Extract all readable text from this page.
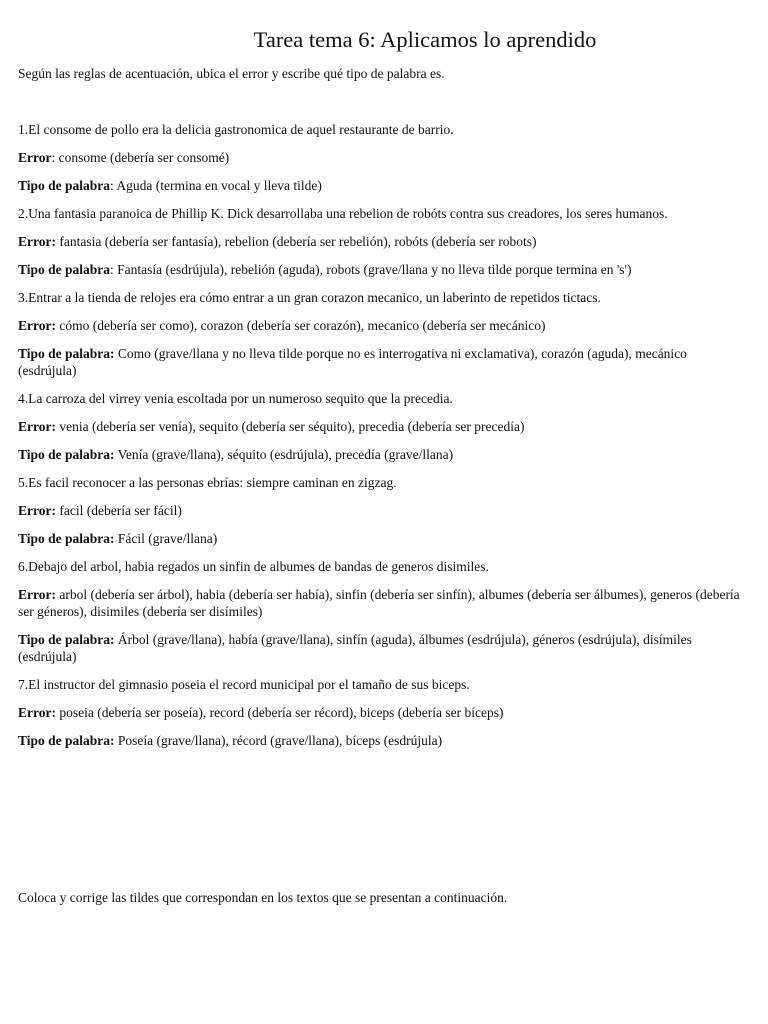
Tarea tema 6: Aplicamos lo aprendido
Según las reglas de acentuación, ubica el error y escribe qué tipo de palabra es.

1.El consome de pollo era la delicia gastronomica de aquel restaurante de barrio.

Error: consome (debería ser consomé)

Tipo de palabra: Aguda (termina en vocal y lleva tilde)

2.Una fantasia paranoica de Phillip K. Dick desarrollaba una rebelion de robóts contra sus creadores, los seres humanos.

Error: fantasia (debería ser fantasía), rebelion (debería ser rebelión), robóts (debería ser robots)

Tipo de palabra: Fantasía (esdrújula), rebelión (aguda), robots (grave/llana y no lleva tilde porque termina en 's')

3.Entrar a la tienda de relojes era cómo entrar a un gran corazon mecanico, un laberinto de repetidos tictacs.

Error: cómo (debería ser como), corazon (debería ser corazón), mecanico (debería ser mecánico)

Tipo de palabra: Como (grave/llana y no lleva tilde porque no es interrogativa ni exclamativa), corazón (aguda), mecánico (esdrújula)

4.La carroza del virrey venia escoltada por un numeroso sequito que la precedia.

Error: venia (debería ser venía), sequito (debería ser séquito), precedia (debería ser precedía)

Tipo de palabra: Venía (grave/llana), séquito (esdrújula), precedía (grave/llana)

5.Es facil reconocer a las personas ebrías: siempre caminan en zigzag.

Error: facil (debería ser fácil)

Tipo de palabra: Fácil (grave/llana)

6.Debajo del arbol, habia regados un sinfin de albumes de bandas de generos disimiles.

Error: arbol (debería ser árbol), habia (debería ser había), sinfin (debería ser sinfín), albumes (debería ser álbumes), generos (debería ser géneros), disimiles (debería ser disímiles)

Tipo de palabra: Árbol (grave/llana), había (grave/llana), sinfín (aguda), álbumes (esdrújula), géneros (esdrújula), disímiles (esdrújula)

7.El instructor del gimnasio poseia el record municipal por el tamaño de sus biceps.

Error: poseia (debería ser poseía), record (debería ser récord), biceps (debería ser bíceps)

Tipo de palabra: Poseía (grave/llana), récord (grave/llana), bíceps (esdrújula)

Coloca y corrige las tildes que correspondan en los textos que se presentan a continuación.
